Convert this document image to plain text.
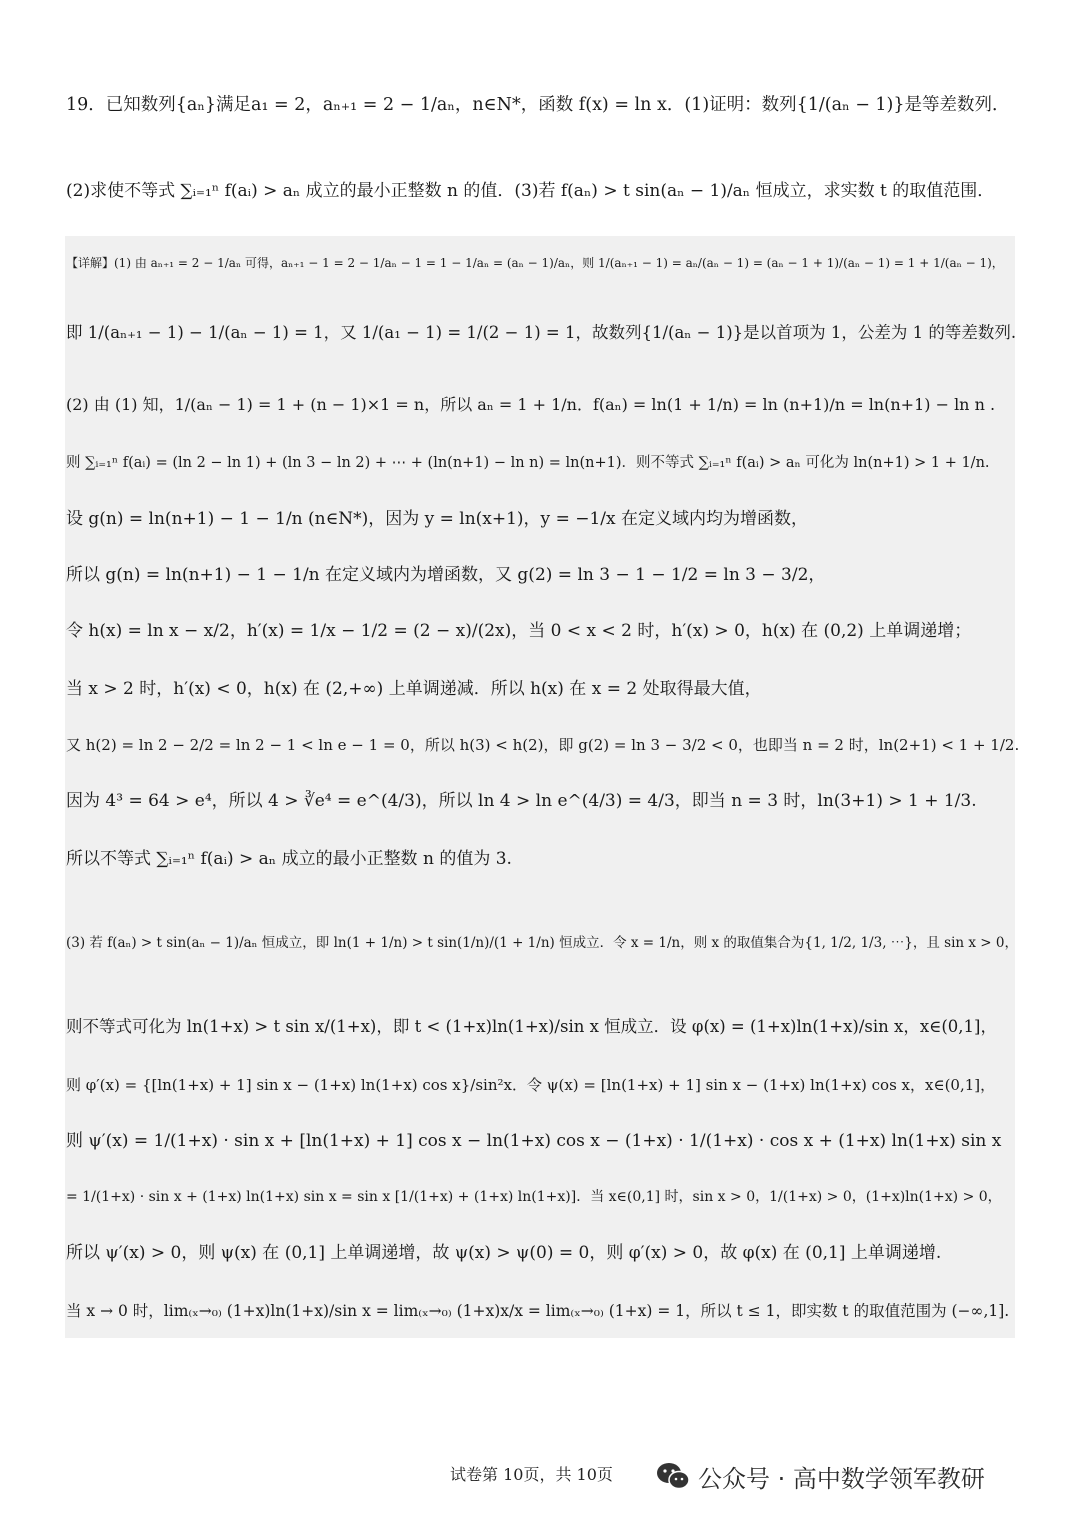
19．已知数列{aₙ}满足a₁ = 2，aₙ₊₁ = 2 − 1/aₙ，n∈N*，函数 f(x) = ln x．(1)证明：数列{1/(aₙ − 1)}是等差数列．
(2)求使不等式 ∑ᵢ₌₁ⁿ f(aᵢ) > aₙ 成立的最小正整数 n 的值．(3)若 f(aₙ) > t sin(aₙ − 1)/aₙ 恒成立，求实数 t 的取值范围．
【详解】(1) 由 aₙ₊₁ = 2 − 1/aₙ 可得，aₙ₊₁ − 1 = 2 − 1/aₙ − 1 = 1 − 1/aₙ = (aₙ − 1)/aₙ，则 1/(aₙ₊₁ − 1) = aₙ/(aₙ − 1) = (aₙ − 1 + 1)/(aₙ − 1) = 1 + 1/(aₙ − 1)，
即 1/(aₙ₊₁ − 1) − 1/(aₙ − 1) = 1，又 1/(a₁ − 1) = 1/(2 − 1) = 1，故数列{1/(aₙ − 1)}是以首项为 1，公差为 1 的等差数列.
(2) 由 (1) 知，1/(aₙ − 1) = 1 + (n − 1)×1 = n，所以 aₙ = 1 + 1/n．f(aₙ) = ln(1 + 1/n) = ln (n+1)/n = ln(n+1) − ln n .
则 ∑ᵢ₌₁ⁿ f(aᵢ) = (ln 2 − ln 1) + (ln 3 − ln 2) + ⋯ + (ln(n+1) − ln n) = ln(n+1)．则不等式 ∑ᵢ₌₁ⁿ f(aᵢ) > aₙ 可化为 ln(n+1) > 1 + 1/n.
设 g(n) = ln(n+1) − 1 − 1/n (n∈N*)，因为 y = ln(x+1)，y = −1/x 在定义域内均为增函数，
所以 g(n) = ln(n+1) − 1 − 1/n 在定义域内为增函数，又 g(2) = ln 3 − 1 − 1/2 = ln 3 − 3/2，
令 h(x) = ln x − x/2，h′(x) = 1/x − 1/2 = (2 − x)/(2x)，当 0 < x < 2 时，h′(x) > 0，h(x) 在 (0,2) 上单调递增；
当 x > 2 时，h′(x) < 0，h(x) 在 (2,+∞) 上单调递减．所以 h(x) 在 x = 2 处取得最大值，
又 h(2) = ln 2 − 2/2 = ln 2 − 1 < ln e − 1 = 0，所以 h(3) < h(2)，即 g(2) = ln 3 − 3/2 < 0，也即当 n = 2 时，ln(2+1) < 1 + 1/2.
因为 4³ = 64 > e⁴，所以 4 > ∛e⁴ = e^(4/3)，所以 ln 4 > ln e^(4/3) = 4/3，即当 n = 3 时，ln(3+1) > 1 + 1/3.
所以不等式 ∑ᵢ₌₁ⁿ f(aᵢ) > aₙ 成立的最小正整数 n 的值为 3.
(3) 若 f(aₙ) > t sin(aₙ − 1)/aₙ 恒成立，即 ln(1 + 1/n) > t sin(1/n)/(1 + 1/n) 恒成立．令 x = 1/n，则 x 的取值集合为{1, 1/2, 1/3, ⋯}，且 sin x > 0，
则不等式可化为 ln(1+x) > t sin x/(1+x)，即 t < (1+x)ln(1+x)/sin x 恒成立．设 φ(x) = (1+x)ln(1+x)/sin x，x∈(0,1]，
则 φ′(x) = {[ln(1+x) + 1] sin x − (1+x) ln(1+x) cos x}/sin²x．令 ψ(x) = [ln(1+x) + 1] sin x − (1+x) ln(1+x) cos x，x∈(0,1]，
则 ψ′(x) = 1/(1+x) · sin x + [ln(1+x) + 1] cos x − ln(1+x) cos x − (1+x) · 1/(1+x) · cos x + (1+x) ln(1+x) sin x
= 1/(1+x) · sin x + (1+x) ln(1+x) sin x = sin x [1/(1+x) + (1+x) ln(1+x)]．当 x∈(0,1] 时，sin x > 0，1/(1+x) > 0，(1+x)ln(1+x) > 0，
所以 ψ′(x) > 0，则 ψ(x) 在 (0,1] 上单调递增，故 ψ(x) > ψ(0) = 0，则 φ′(x) > 0，故 φ(x) 在 (0,1] 上单调递增.
当 x → 0 时，lim₍ₓ→₀₎ (1+x)ln(1+x)/sin x = lim₍ₓ→₀₎ (1+x)x/x = lim₍ₓ→₀₎ (1+x) = 1，所以 t ≤ 1，即实数 t 的取值范围为 (−∞,1].
试卷第 10页，共 10页	公众号 · 高中数学领军教研
